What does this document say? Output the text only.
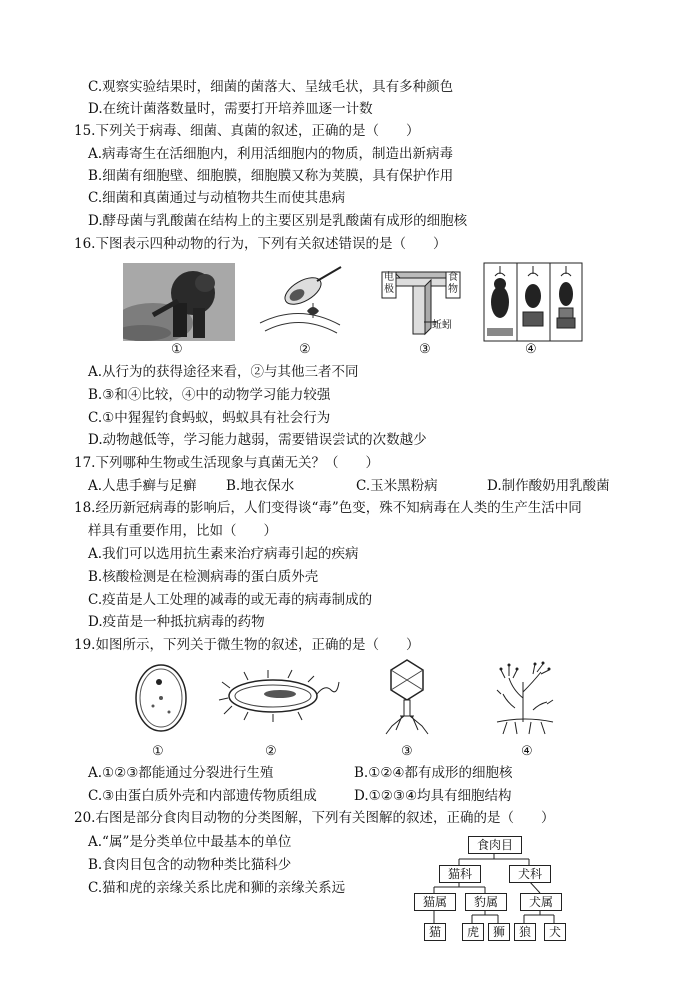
C.观察实验结果时，细菌的菌落大、呈绒毛状，具有多种颜色
D.在统计菌落数量时，需要打开培养皿逐一计数
15.下列关于病毒、细菌、真菌的叙述，正确的是（　　）
A.病毒寄生在活细胞内，利用活细胞内的物质，制造出新病毒
B.细菌有细胞壁、细胞膜，细胞膜又称为荚膜，具有保护作用
C.细菌和真菌通过与动植物共生而使其患病
D.酵母菌与乳酸菌在结构上的主要区别是乳酸菌有成形的细胞核
16.下图表示四种动物的行为，下列有关叙述错误的是（　　）
①	②
电极
食物
蚯蚓
③	④
A.从行为的获得途径来看，②与其他三者不同
B.③和④比较，④中的动物学习能力较强
C.①中猩猩钓食蚂蚁，蚂蚁具有社会行为
D.动物越低等，学习能力越弱，需要错误尝试的次数越少
17.下列哪种生物或生活现象与真菌无关？（　　）
A.人患手癣与足癣 B.地衣保水	C.玉米黑粉病	D.制作酸奶用乳酸菌
18.经历新冠病毒的影响后，人们变得谈“毒”色变，殊不知病毒在人类的生产生活中同
样具有重要作用，比如（　　）
A.我们可以选用抗生素来治疗病毒引起的疾病
B.核酸检测是在检测病毒的蛋白质外壳
C.疫苗是人工处理的减毒的或无毒的病毒制成的
D.疫苗是一种抵抗病毒的药物
19.如图所示，下列关于微生物的叙述，正确的是（　　）
①	②	③	④
A.①②③都能通过分裂进行生殖	B.①②④都有成形的细胞核
C.③由蛋白质外壳和内部遗传物质组成	D.①②③④均具有细胞结构
20.右图是部分食肉目动物的分类图解，下列有关图解的叙述，正确的是（　　）
A.“属”是分类单位中最基本的单位
B.食肉目包含的动物种类比猫科少
C.猫和虎的亲缘关系比虎和狮的亲缘关系远
食肉目
猫科	犬科
猫属	豹属	犬属
猫	虎	狮	狼	犬
